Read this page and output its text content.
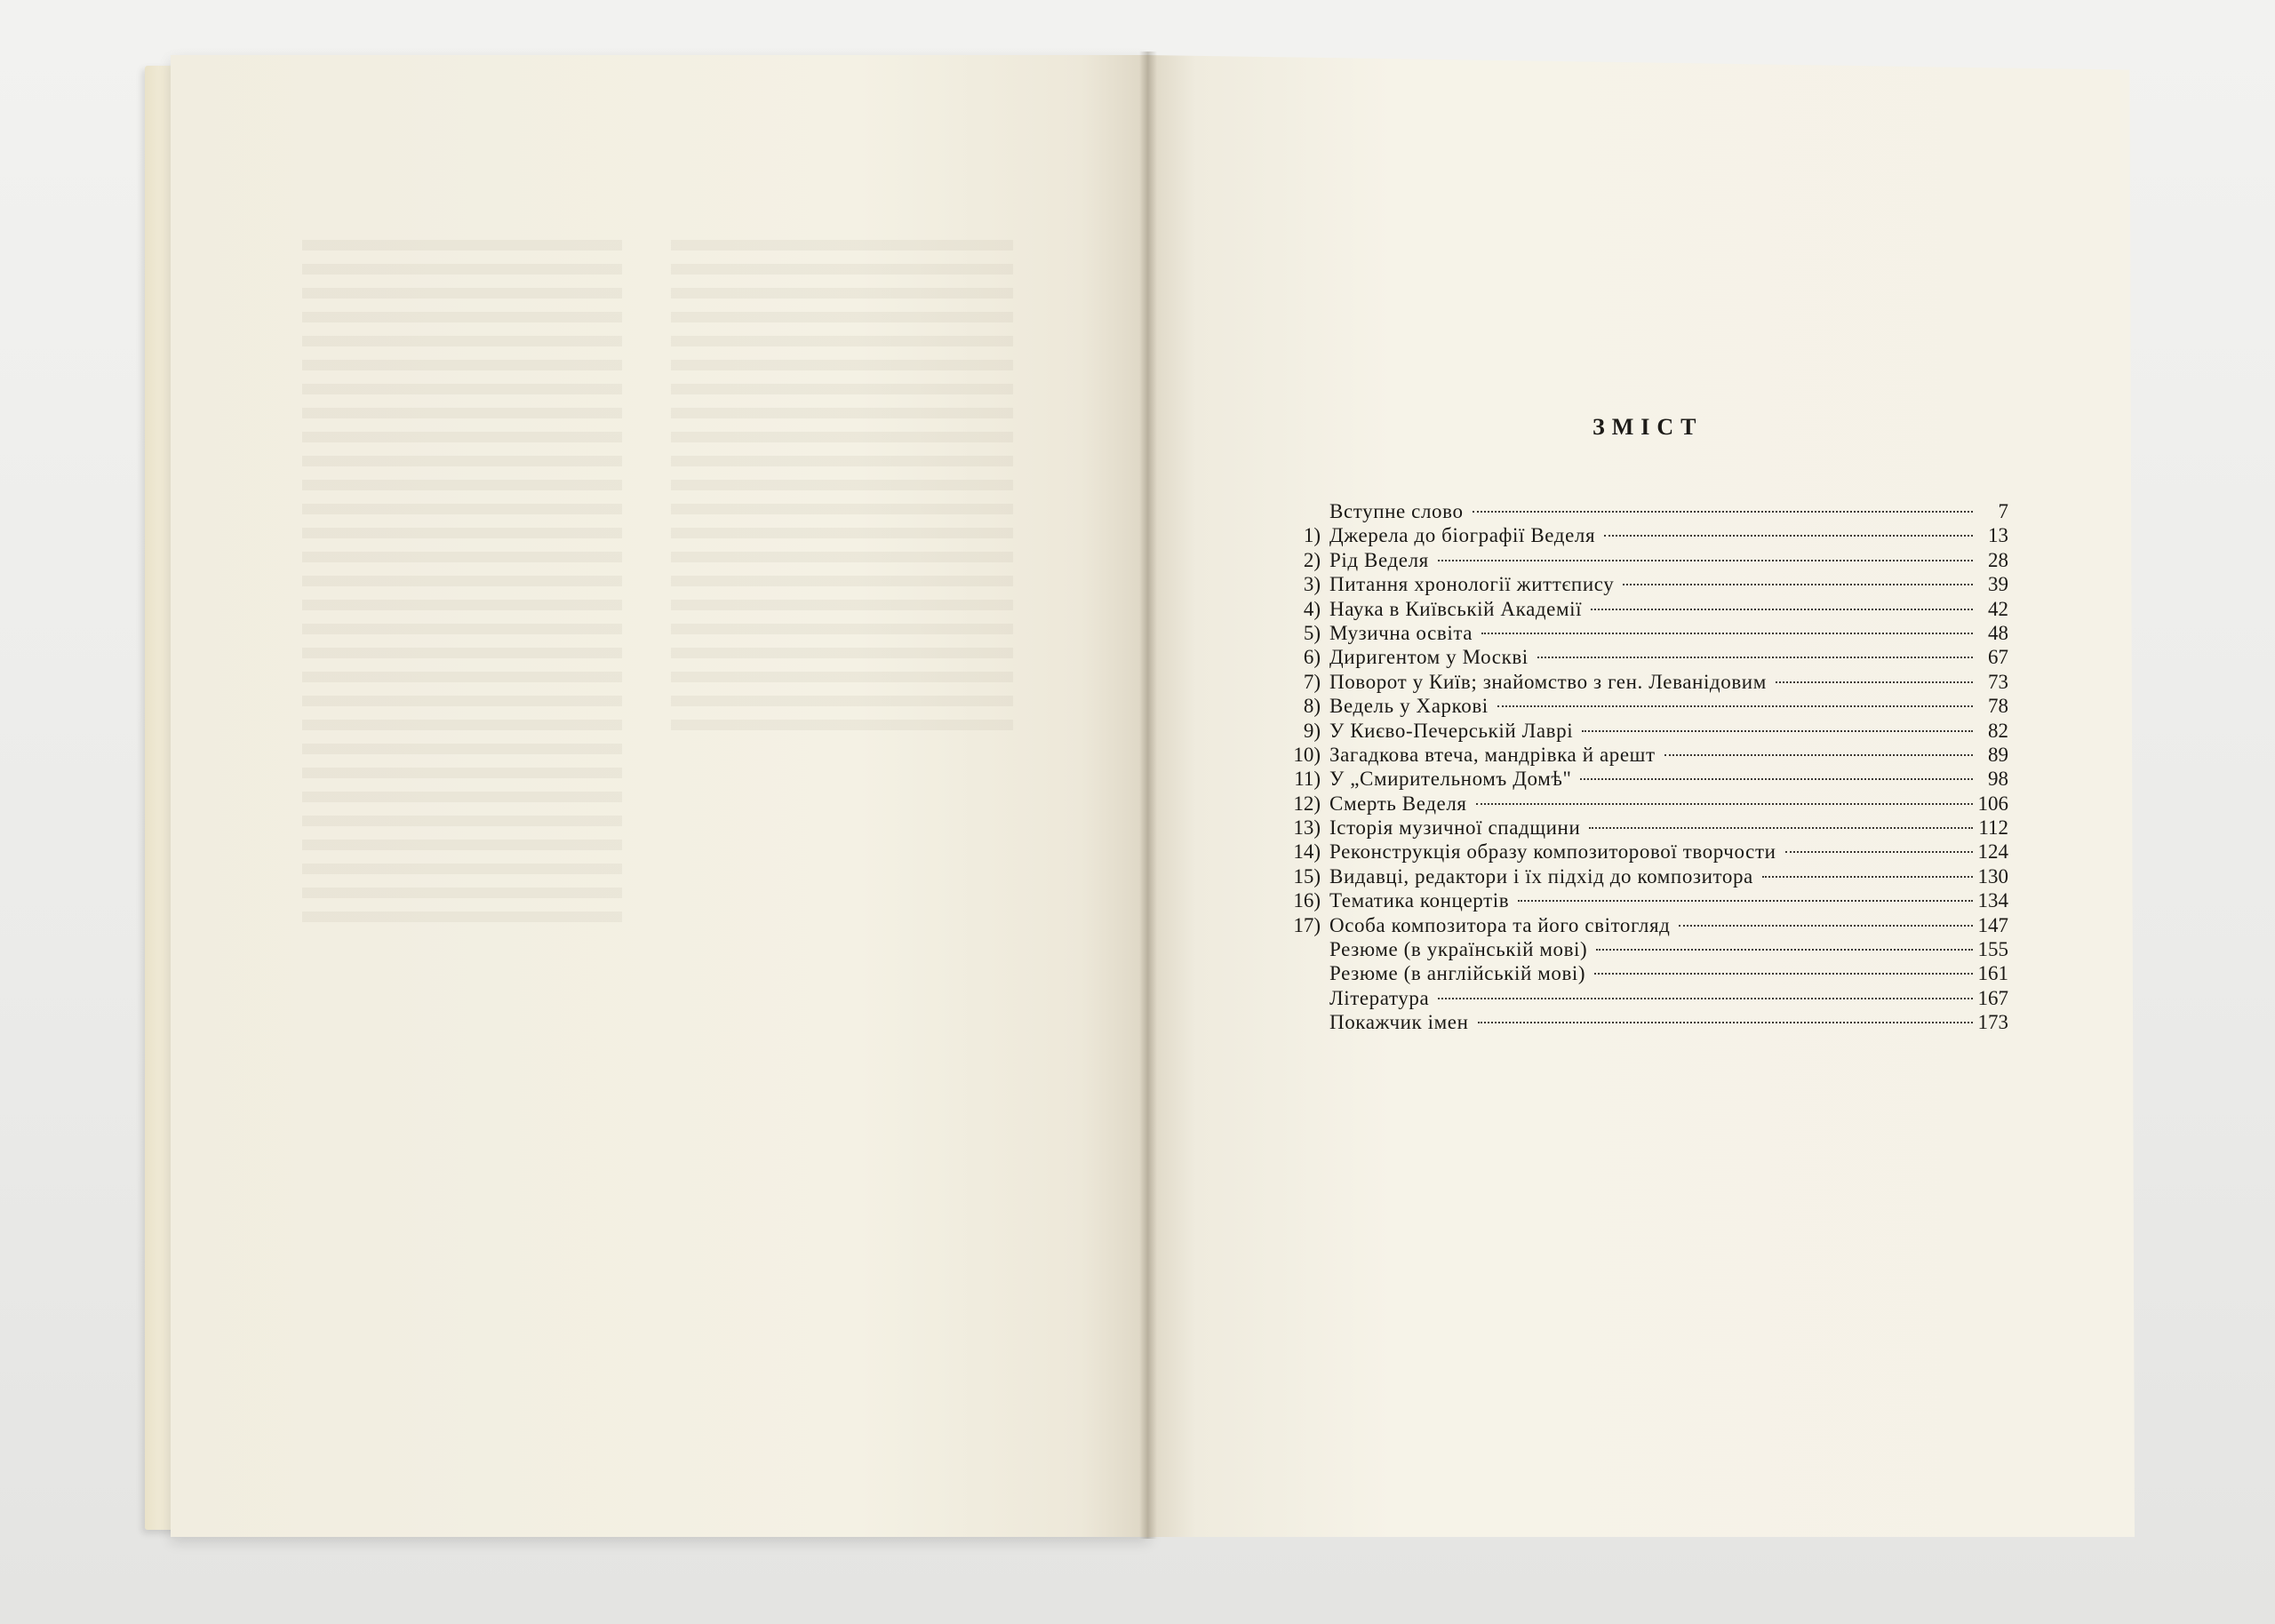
ЗМІСТ
Вступне слово	7
1) Джерела до біографії Веделя	13
2) Рід Веделя	28
3) Питання хронології життєпису	39
4) Наука в Київській Академії	42
5) Музична освіта	48
6) Диригентом у Москві	67
7) Поворот у Київ; знайомство з ген. Леванідовим	73
8) Ведель у Харкові	78
9) У Києво-Печерській Лаврі	82
10) Загадкова втеча, мандрівка й арешт	89
11) У „Смирительномъ Домѣ"	98
12) Смерть Веделя	106
13) Історія музичної спадщини	112
14) Реконструкція образу композиторової творчости	124
15) Видавці, редактори і їх підхід до композитора	130
16) Тематика концертів	134
17) Особа композитора та його світогляд	147
Резюме (в українській мові)	155
Резюме (в англійській мові)	161
Література	167
Покажчик імен	173
